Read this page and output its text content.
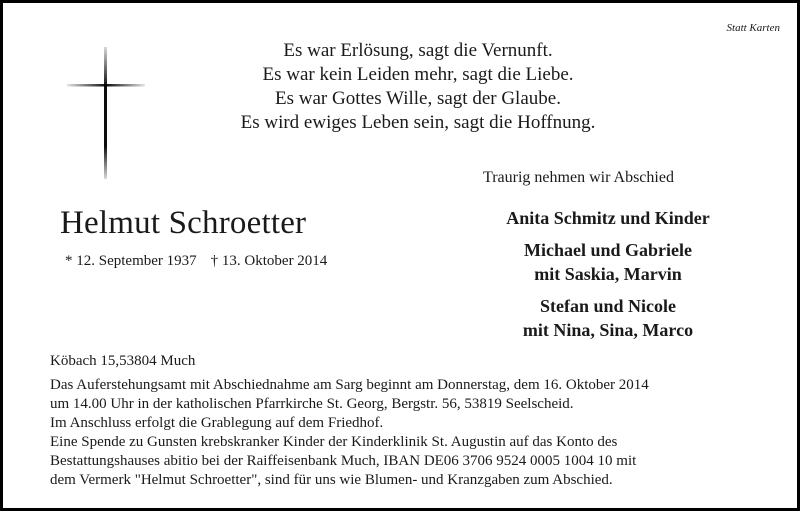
Statt Karten
Es war Erlösung, sagt die Vernunft.
Es war kein Leiden mehr, sagt die Liebe.
Es war Gottes Wille, sagt der Glaube.
Es wird ewiges Leben sein, sagt die Hoffnung.
Traurig nehmen wir Abschied
Helmut Schroetter
* 12. September 1937 † 13. Oktober 2014
Anita Schmitz und Kinder
Michael und Gabriele
mit Saskia, Marvin
Stefan und Nicole
mit Nina, Sina, Marco
Köbach 15,53804 Much
Das Auferstehungsamt mit Abschiednahme am Sarg beginnt am Donnerstag, dem 16. Oktober 2014
um 14.00 Uhr in der katholischen Pfarrkirche St. Georg, Bergstr. 56, 53819 Seelscheid.
Im Anschluss erfolgt die Grablegung auf dem Friedhof.
Eine Spende zu Gunsten krebskranker Kinder der Kinderklinik St. Augustin auf das Konto des
Bestattungshauses abitio bei der Raiffeisenbank Much, IBAN DE06 3706 9524 0005 1004 10 mit
dem Vermerk "Helmut Schroetter", sind für uns wie Blumen- und Kranzgaben zum Abschied.
